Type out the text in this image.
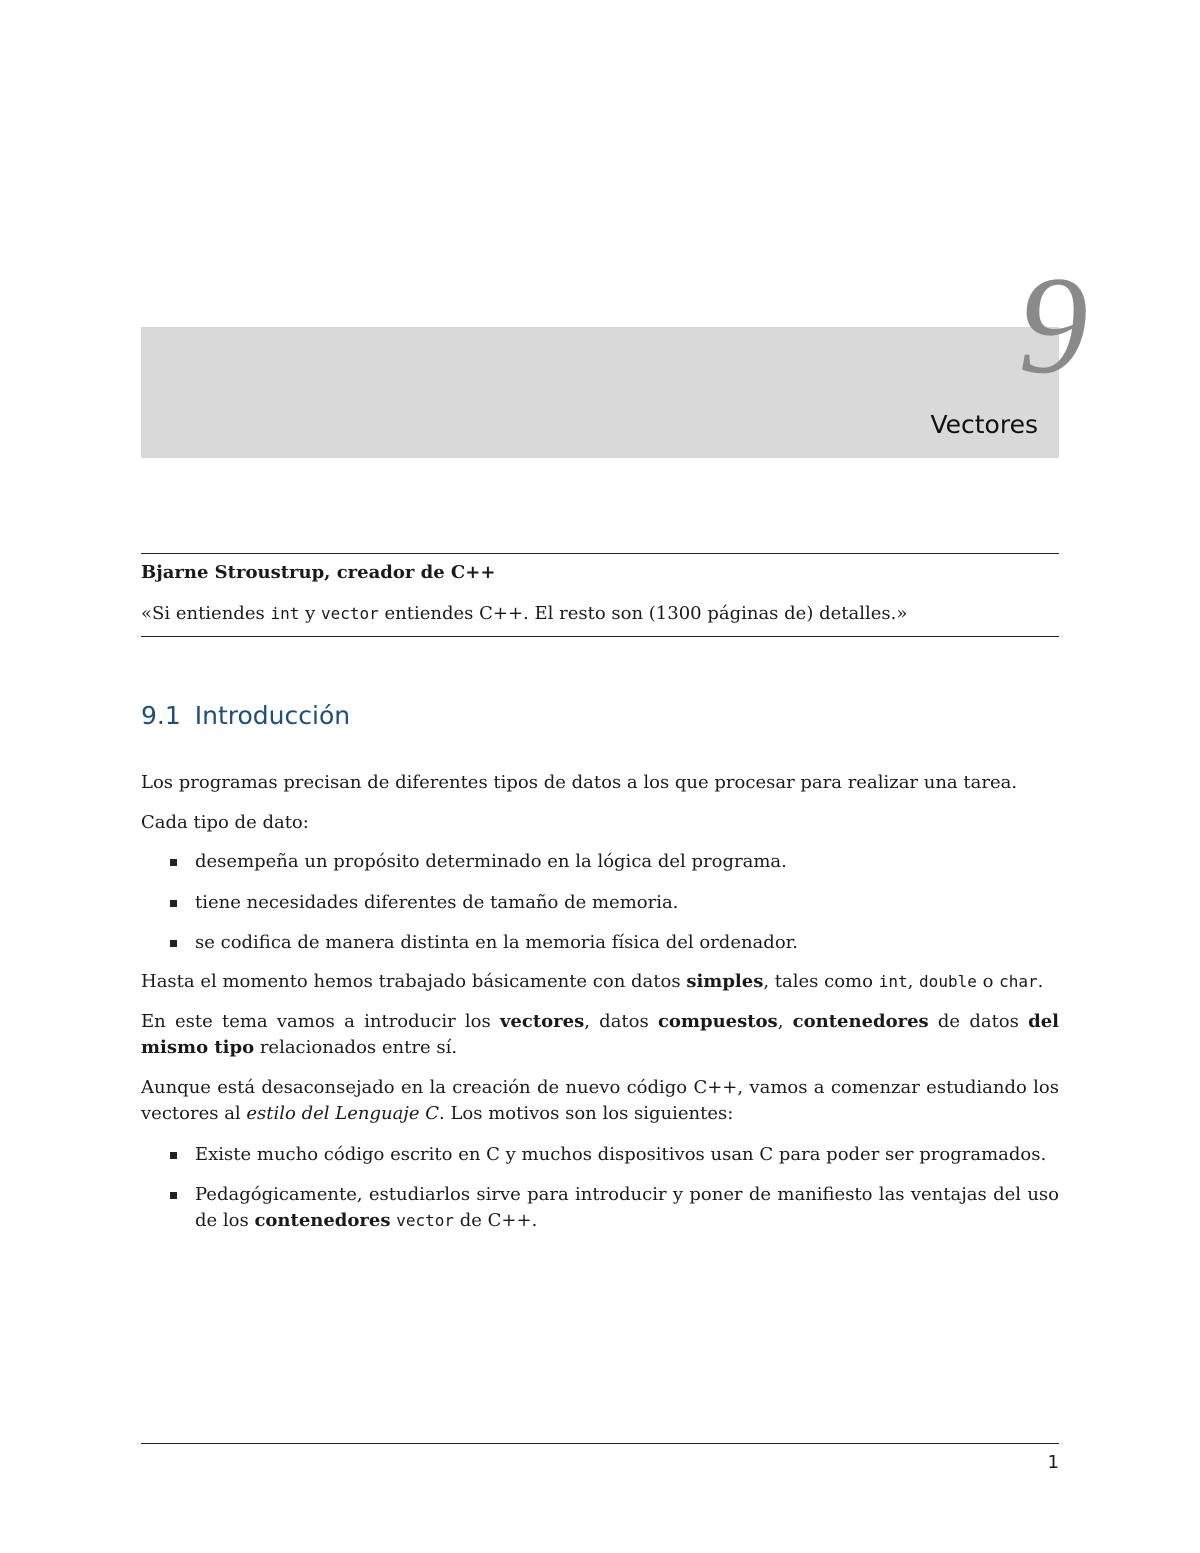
9
Vectores
Bjarne Stroustrup, creador de C++
«Si entiendes int y vector entiendes C++. El resto son (1300 páginas de) detalles.»
9.1 Introducción
Los programas precisan de diferentes tipos de datos a los que procesar para realizar una tarea.
Cada tipo de dato:
desempeña un propósito determinado en la lógica del programa.
tiene necesidades diferentes de tamaño de memoria.
se codifica de manera distinta en la memoria física del ordenador.
Hasta el momento hemos trabajado básicamente con datos simples, tales como int, double o char.
En este tema vamos a introducir los vectores, datos compuestos, contenedores de datos del mismo tipo relacionados entre sí.
Aunque está desaconsejado en la creación de nuevo código C++, vamos a comenzar estudiando los vectores al estilo del Lenguaje C. Los motivos son los siguientes:
Existe mucho código escrito en C y muchos dispositivos usan C para poder ser programados.
Pedagógicamente, estudiarlos sirve para introducir y poner de manifiesto las ventajas del uso de los contenedores vector de C++.
1
